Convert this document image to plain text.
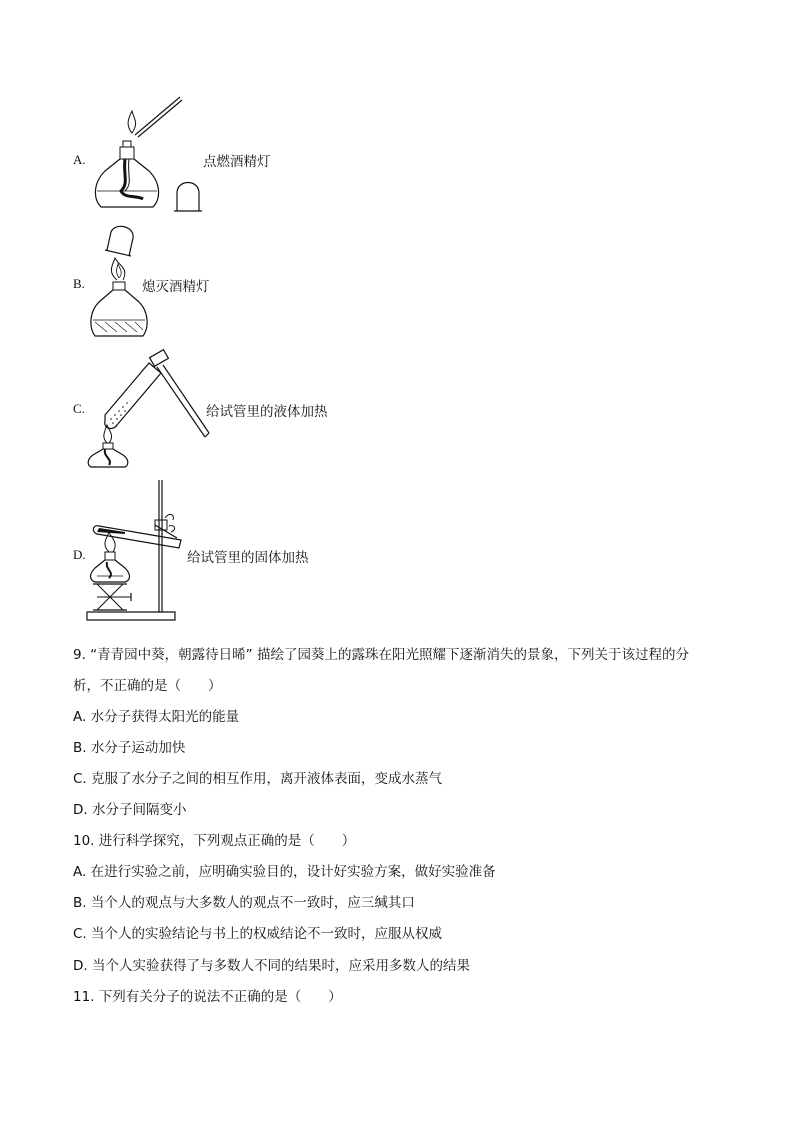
A.	点燃酒精灯
B.	熄灭酒精灯
C.	给试管里的液体加热
D.	给试管里的固体加热
9. “青青园中葵，朝露待日晞” 描绘了园葵上的露珠在阳光照耀下逐渐消失的景象，下列关于该过程的分
析，不正确的是（　　）
A. 水分子获得太阳光的能量
B. 水分子运动加快
C. 克服了水分子之间的相互作用，离开液体表面，变成水蒸气
D. 水分子间隔变小
10. 进行科学探究，下列观点正确的是（　　）
A. 在进行实验之前，应明确实验目的，设计好实验方案，做好实验准备
B. 当个人的观点与大多数人的观点不一致时，应三缄其口
C. 当个人的实验结论与书上的权威结论不一致时，应服从权威
D. 当个人实验获得了与多数人不同的结果时，应采用多数人的结果
11. 下列有关分子的说法不正确的是（　　）
